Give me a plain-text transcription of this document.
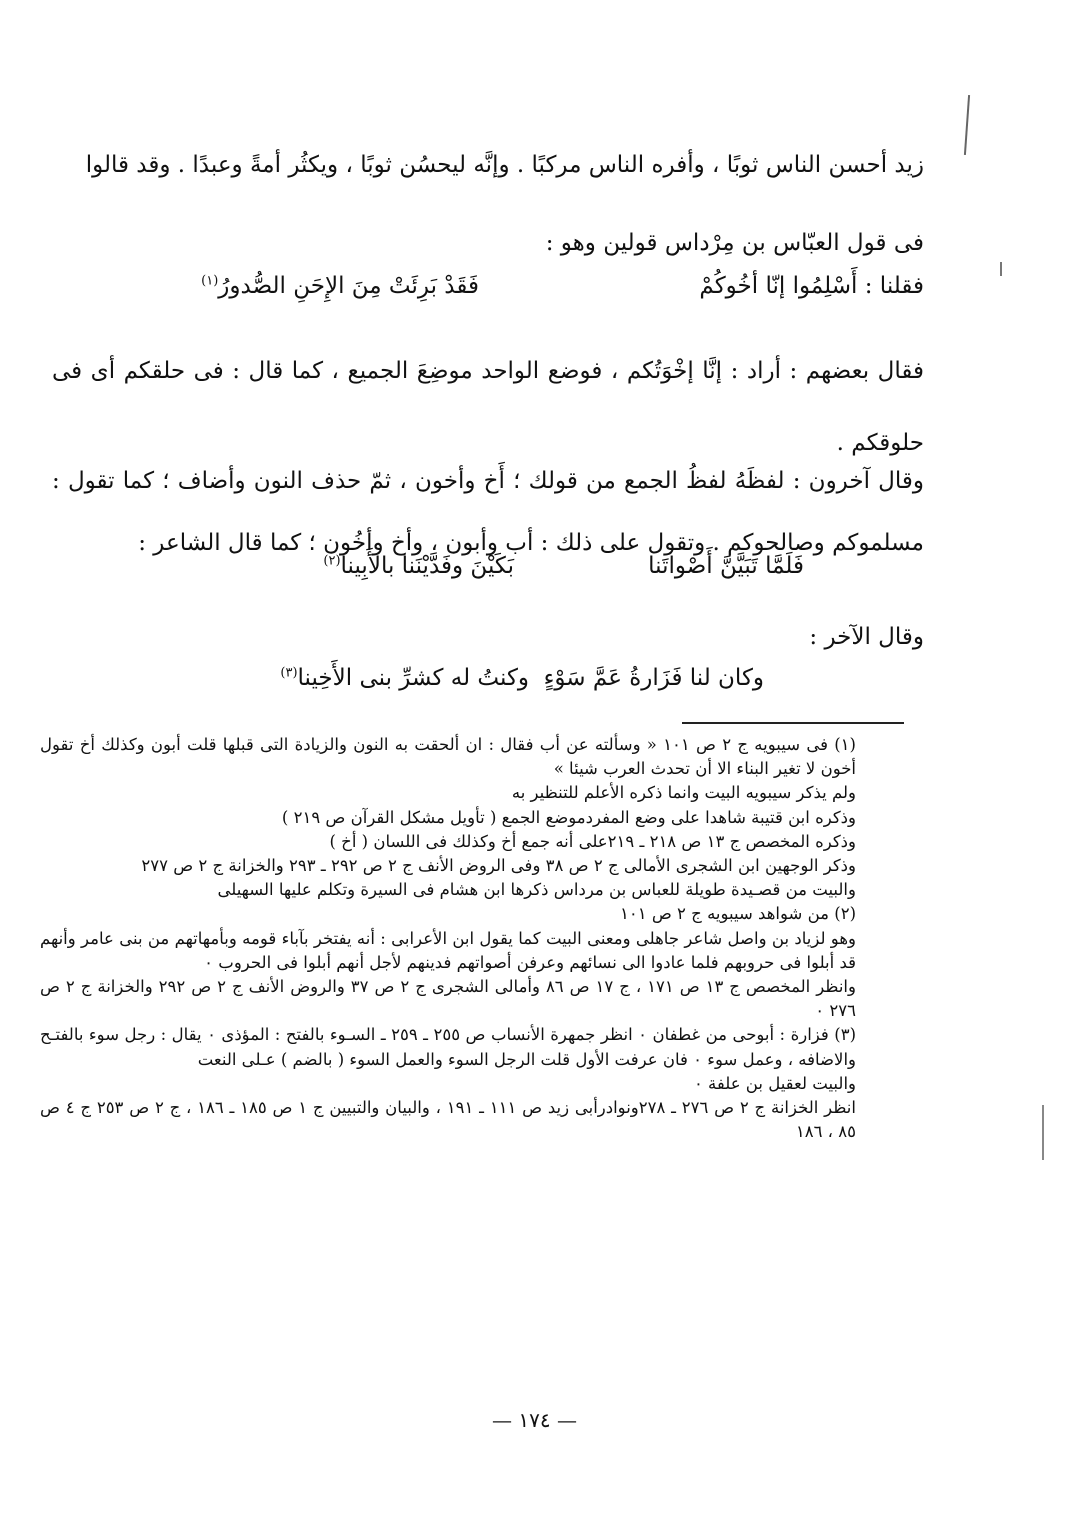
زيد أحسن الناس ثوبًا ، وأفره الناس مركبًا . وإنَّه ليحسُن ثوبًا ، ويكثُر أمةً وعبدًا . وقد قالوا

فى قول العبّاس بن مِرْداس قولين وهو :

فقلنا : أَسْلِمُوا إنّا أخُوكُمْ
فَقَدْ بَرِئَتْ مِنَ الإِحَنِ الصُّدورُ$^{(١)}$

فقال بعضهم : أراد : إنَّا إخْوَتُكم ، فوضع الواحد موضِعَ الجميع ، كما قال : فى حلقكم أى فى حلوقكم .

وقال آخرون : لفظَهُ لفظُ الجمع من قولك ؛ أَخ وأخون ، ثمّ حذف النون وأضاف ؛ كما تقول : مسلموكم وصالحوكم . وتقول على ذلك : أب وأبون ، وأخ وأخُون ؛ كما قال الشاعر :

فَلَمَّا تَبَيَّنَّ أَصْواتَنا
بَكَيْنَ وفَدَّيْنَنا بالأَبِينا$^{(٢)}$

وقال الآخر :

وكان لنا فَزَارةُ عَمَّ سَوْءٍ
وكنتُ له كشرِّ بنى الأَخِينا$^{(٣)}$

(١) فى سيبويه ج ٢ ص ١٠١ « وسألته عن أب فقال : ان ألحقت به النون والزيادة التى قبلها قلت أبون وكذلك أخ تقول أخون لا تغير البناء الا أن تحدث العرب شيئا »

ولم يذكر سيبويه البيت وانما ذكره الأعلم للتنظير به

وذكره ابن قتيبة شاهدا على وضع المفردموضع الجمع ( تأويل مشكل القرآن ص ٢١٩ )

وذكره المخصص ج ١٣ ص ٢١٨ ـ ٢١٩على أنه جمع أخ وكذلك فى اللسان ( أخ )

وذكر الوجهين ابن الشجرى الأمالى ج ٢ ص ٣٨ وفى الروض الأنف ج ٢ ص ٢٩٢ ـ ٢٩٣ والخزانة ج ٢ ص ٢٧٧

والبيت من قصـيدة طويلة للعباس بن مرداس ذكرها ابن هشام فى السيرة وتكلم عليها السهيلى

(٢) من شواهد سيبويه ج ٢ ص ١٠١

وهو لزياد بن واصل شاعر جاهلى ومعنى البيت كما يقول ابن الأعرابى : أنه يفتخر بآباء قومه وبأمهاتهم من بنى عامر وأنهم قد أبلوا فى حروبهم فلما عادوا الى نسائهم وعرفن أصواتهم فدينهم لأجل أنهم أبلوا فى الحروب ٠

وانظر المخصص ج ١٣ ص ١٧١ ، ج ١٧ ص ٨٦ وأمالى الشجرى ج ٢ ص ٣٧ والروض الأنف ج ٢ ص ٢٩٢ والخزانة ج ٢ ص ٢٧٦ ٠

(٣) فزارة : أبوحى من غطفان ٠ انظر جمهرة الأنساب ص ٢٥٥ ـ ٢٥٩ ـ السـوء بالفتح : المؤذى ٠ يقال : رجل سوء بالفتـح والاضافه ، وعمل سوء ٠ فان عرفت الأول قلت الرجل السوء والعمل السوء ( بالضم ) عـلى النعت

والبيت لعقيل بن علفة ٠

انظر الخزانة ج ٢ ص ٢٧٦ ـ ٢٧٨ونوادرأبى زيد ص ١١١ ـ ١٩١ ، والبيان والتبيين ج ١ ص ١٨٥ ـ ١٨٦ ، ج ٢ ص ٢٥٣ ج ٤ ص ٨٥ ، ١٨٦

— ١٧٤ —
